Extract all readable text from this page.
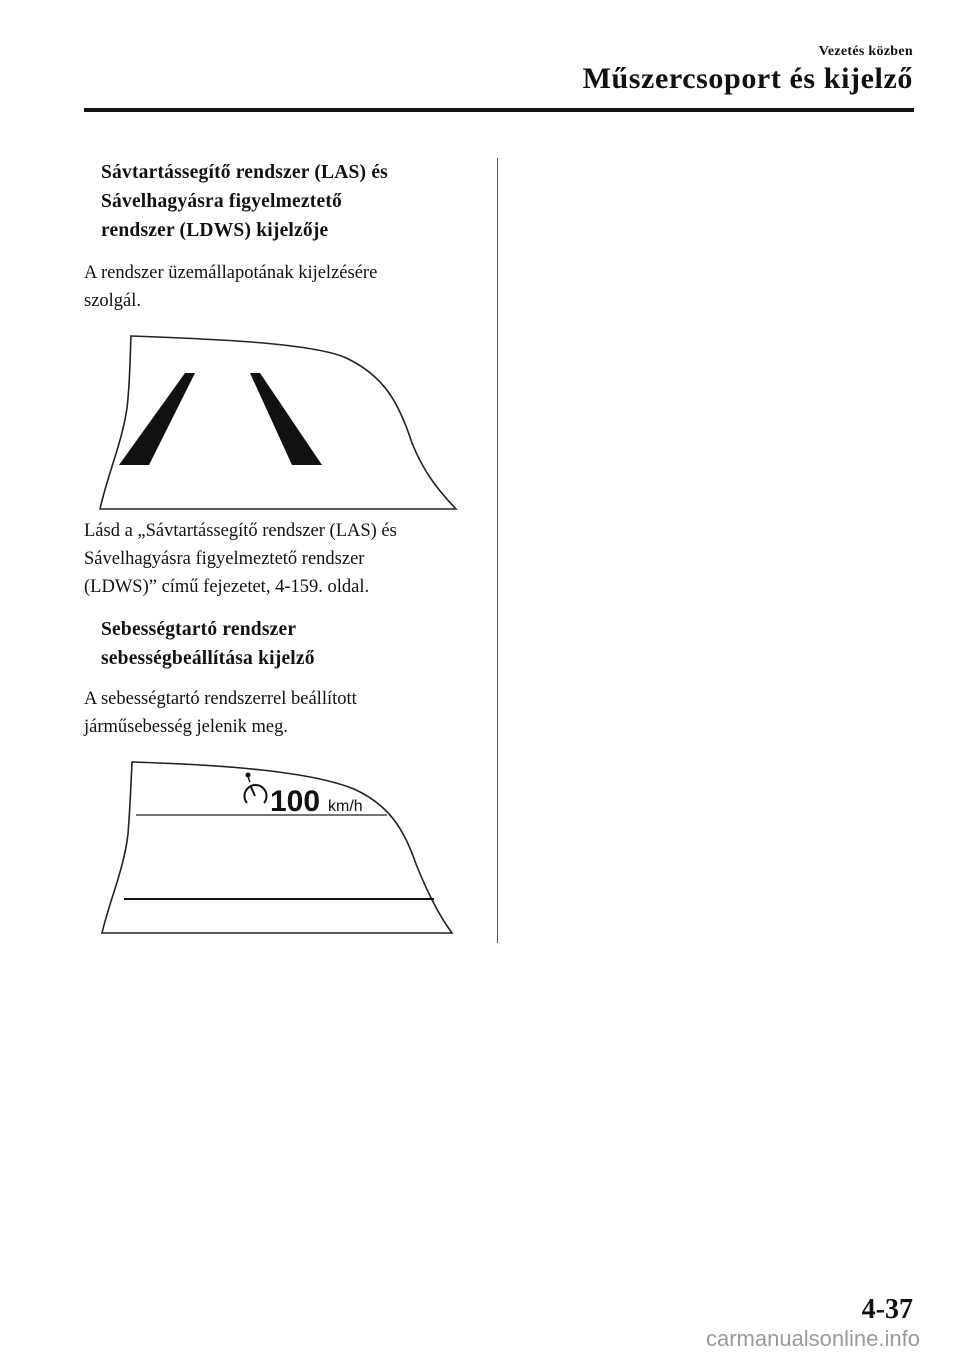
Vezetés közben
Műszercsoport és kijelző
Sávtartássegítő rendszer (LAS) és
Sávelhagyásra figyelmeztető
rendszer (LDWS) kijelzője
A rendszer üzemállapotának kijelzésére
szolgál.
Lásd a „Sávtartássegítő rendszer (LAS) és
Sávelhagyásra figyelmeztető rendszer
(LDWS)” című fejezetet, 4-159. oldal.
Sebességtartó rendszer
sebességbeállítása kijelző
A sebességtartó rendszerrel beállított
járműsebesség jelenik meg.
100 km/h
4-37
carmanualsonline.info
